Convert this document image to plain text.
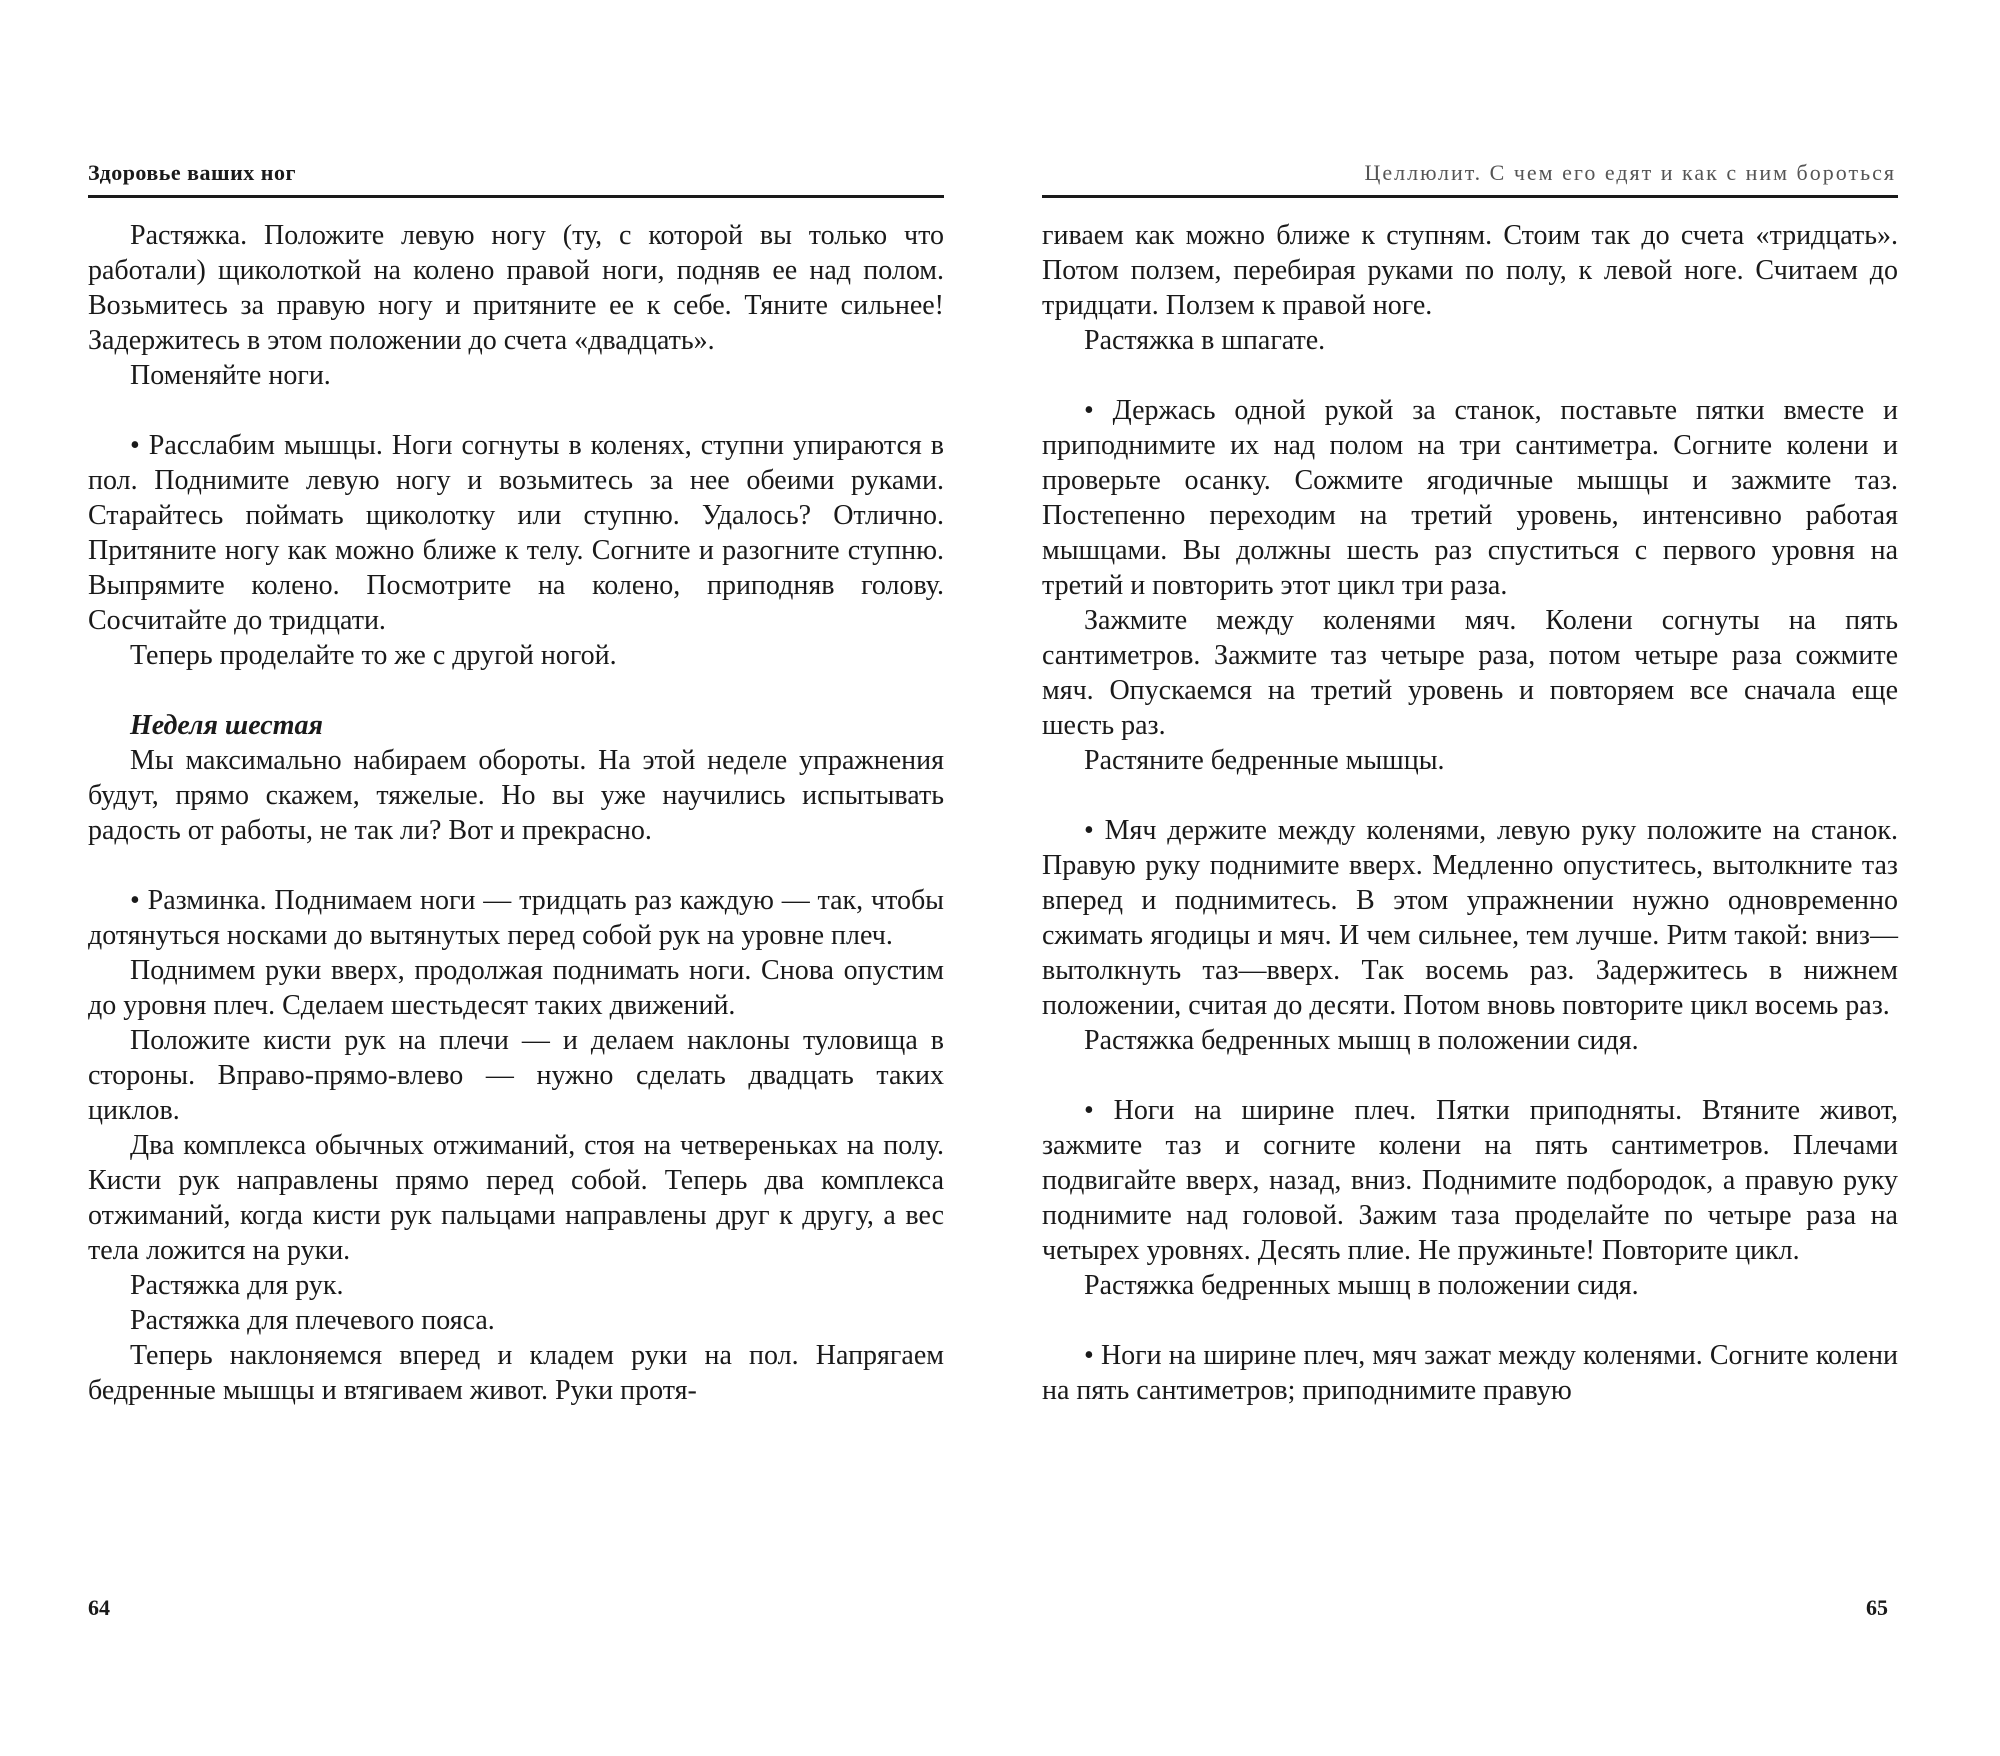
Здоровье ваших ног

Растяжка. Положите левую ногу (ту, с которой вы только что работали) щиколоткой на колено правой ноги, подняв ее над полом. Возьмитесь за правую ногу и притяните ее к себе. Тяните сильнее! Задержитесь в этом положении до счета «двадцать».

Поменяйте ноги.

• Расслабим мышцы. Ноги согнуты в коленях, ступни упираются в пол. Поднимите левую ногу и возьмитесь за нее обеими руками. Старайтесь поймать щиколотку или ступню. Удалось? Отлично. Притяните ногу как можно ближе к телу. Согните и разогните ступню. Выпрямите колено. Посмотрите на колено, приподняв голову. Сосчитайте до тридцати.

Теперь проделайте то же с другой ногой.

Неделя шестая

Мы максимально набираем обороты. На этой неделе упражнения будут, прямо скажем, тяжелые. Но вы уже научились испытывать радость от работы, не так ли? Вот и прекрасно.

• Разминка. Поднимаем ноги — тридцать раз каждую — так, чтобы дотянуться носками до вытянутых перед собой рук на уровне плеч.

Поднимем руки вверх, продолжая поднимать ноги. Снова опустим до уровня плеч. Сделаем шестьдесят таких движений.

Положите кисти рук на плечи — и делаем наклоны туловища в стороны. Вправо-прямо-влево — нужно сделать двадцать таких циклов.

Два комплекса обычных отжиманий, стоя на четвереньках на полу. Кисти рук направлены прямо перед собой. Теперь два комплекса отжиманий, когда кисти рук пальцами направлены друг к другу, а вес тела ложится на руки.

Растяжка для рук.

Растяжка для плечевого пояса.

Теперь наклоняемся вперед и кладем руки на пол. Напрягаем бедренные мышцы и втягиваем живот. Руки протя-

64
Целлюлит. С чем его едят и как с ним бороться

гиваем как можно ближе к ступням. Стоим так до счета «тридцать». Потом ползем, перебирая руками по полу, к левой ноге. Считаем до тридцати. Ползем к правой ноге.

Растяжка в шпагате.

• Держась одной рукой за станок, поставьте пятки вместе и приподнимите их над полом на три сантиметра. Согните колени и проверьте осанку. Сожмите ягодичные мышцы и зажмите таз. Постепенно переходим на третий уровень, интенсивно работая мышцами. Вы должны шесть раз спуститься с первого уровня на третий и повторить этот цикл три раза.

Зажмите между коленями мяч. Колени согнуты на пять сантиметров. Зажмите таз четыре раза, потом четыре раза сожмите мяч. Опускаемся на третий уровень и повторяем все сначала еще шесть раз.

Растяните бедренные мышцы.

• Мяч держите между коленями, левую руку положите на станок. Правую руку поднимите вверх. Медленно опуститесь, вытолкните таз вперед и поднимитесь. В этом упражнении нужно одновременно сжимать ягодицы и мяч. И чем сильнее, тем лучше. Ритм такой: вниз—вытолкнуть таз—вверх. Так восемь раз. Задержитесь в нижнем положении, считая до десяти. Потом вновь повторите цикл восемь раз.

Растяжка бедренных мышц в положении сидя.

• Ноги на ширине плеч. Пятки приподняты. Втяните живот, зажмите таз и согните колени на пять сантиметров. Плечами подвигайте вверх, назад, вниз. Поднимите подбородок, а правую руку поднимите над головой. Зажим таза проделайте по четыре раза на четырех уровнях. Десять плие. Не пружиньте! Повторите цикл.

Растяжка бедренных мышц в положении сидя.

• Ноги на ширине плеч, мяч зажат между коленями. Согните колени на пять сантиметров; приподнимите правую

65
